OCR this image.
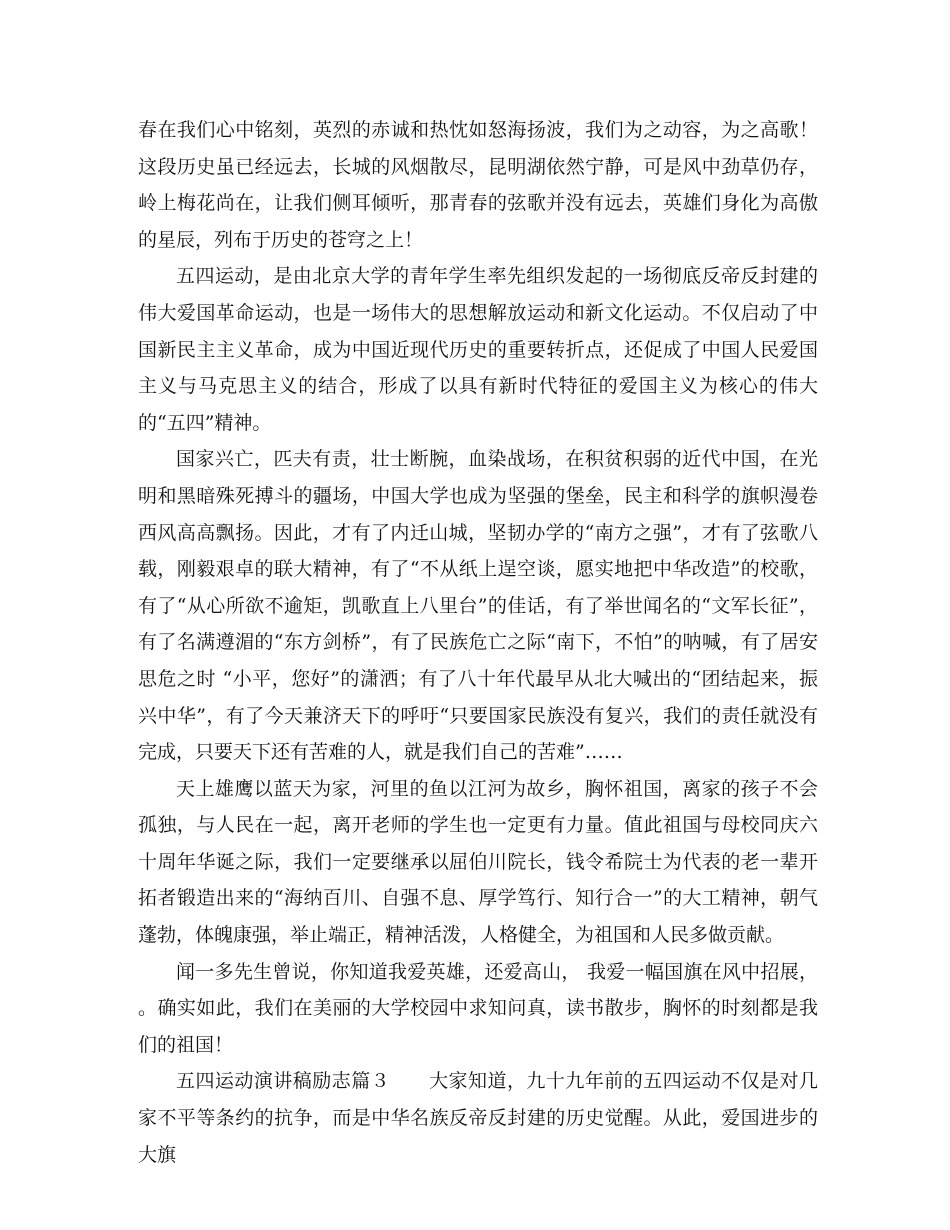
春在我们心中铭刻，英烈的赤诚和热忱如怒海扬波，我们为之动容，为之高歌！这段历史虽已经远去，长城的风烟散尽，昆明湖依然宁静，可是风中劲草仍存，岭上梅花尚在，让我们侧耳倾听，那青春的弦歌并没有远去，英雄们身化为高傲的星辰，列布于历史的苍穹之上！

五四运动，是由北京大学的青年学生率先组织发起的一场彻底反帝反封建的伟大爱国革命运动，也是一场伟大的思想解放运动和新文化运动。不仅启动了中国新民主主义革命，成为中国近现代历史的重要转折点，还促成了中国人民爱国主义与马克思主义的结合，形成了以具有新时代特征的爱国主义为核心的伟大的“五四”精神。

国家兴亡，匹夫有责，壮士断腕，血染战场，在积贫积弱的近代中国，在光明和黑暗殊死搏斗的疆场，中国大学也成为坚强的堡垒，民主和科学的旗帜漫卷西风高高飘扬。因此，才有了内迁山城，坚韧办学的“南方之强”，才有了弦歌八载，刚毅艰卓的联大精神，有了“不从纸上逞空谈，愿实地把中华改造”的校歌，有了“从心所欲不逾矩，凯歌直上八里台”的佳话，有了举世闻名的“文军长征”，有了名满遵湄的“东方剑桥”，有了民族危亡之际“南下，不怕”的呐喊，有了居安思危之时 “小平，您好”的潇洒；有了八十年代最早从北大喊出的“团结起来，振兴中华”，有了今天兼济天下的呼吁“只要国家民族没有复兴，我们的责任就没有完成，只要天下还有苦难的人，就是我们自己的苦难”……

天上雄鹰以蓝天为家，河里的鱼以江河为故乡，胸怀祖国，离家的孩子不会孤独，与人民在一起，离开老师的学生也一定更有力量。值此祖国与母校同庆六十周年华诞之际，我们一定要继承以屈伯川院长，钱令希院士为代表的老一辈开拓者锻造出来的“海纳百川、自强不息、厚学笃行、知行合一”的大工精神，朝气蓬勃，体魄康强，举止端正，精神活泼，人格健全，为祖国和人民多做贡献。

闻一多先生曾说，你知道我爱英雄，还爱高山， 我爱一幅国旗在风中招展， 。确实如此，我们在美丽的大学校园中求知问真，读书散步，胸怀的时刻都是我们的祖国！

五四运动演讲稿励志篇３　　大家知道，九十九年前的五四运动不仅是对几家不平等条约的抗争，而是中华名族反帝反封建的历史觉醒。从此，爱国进步的大旗
